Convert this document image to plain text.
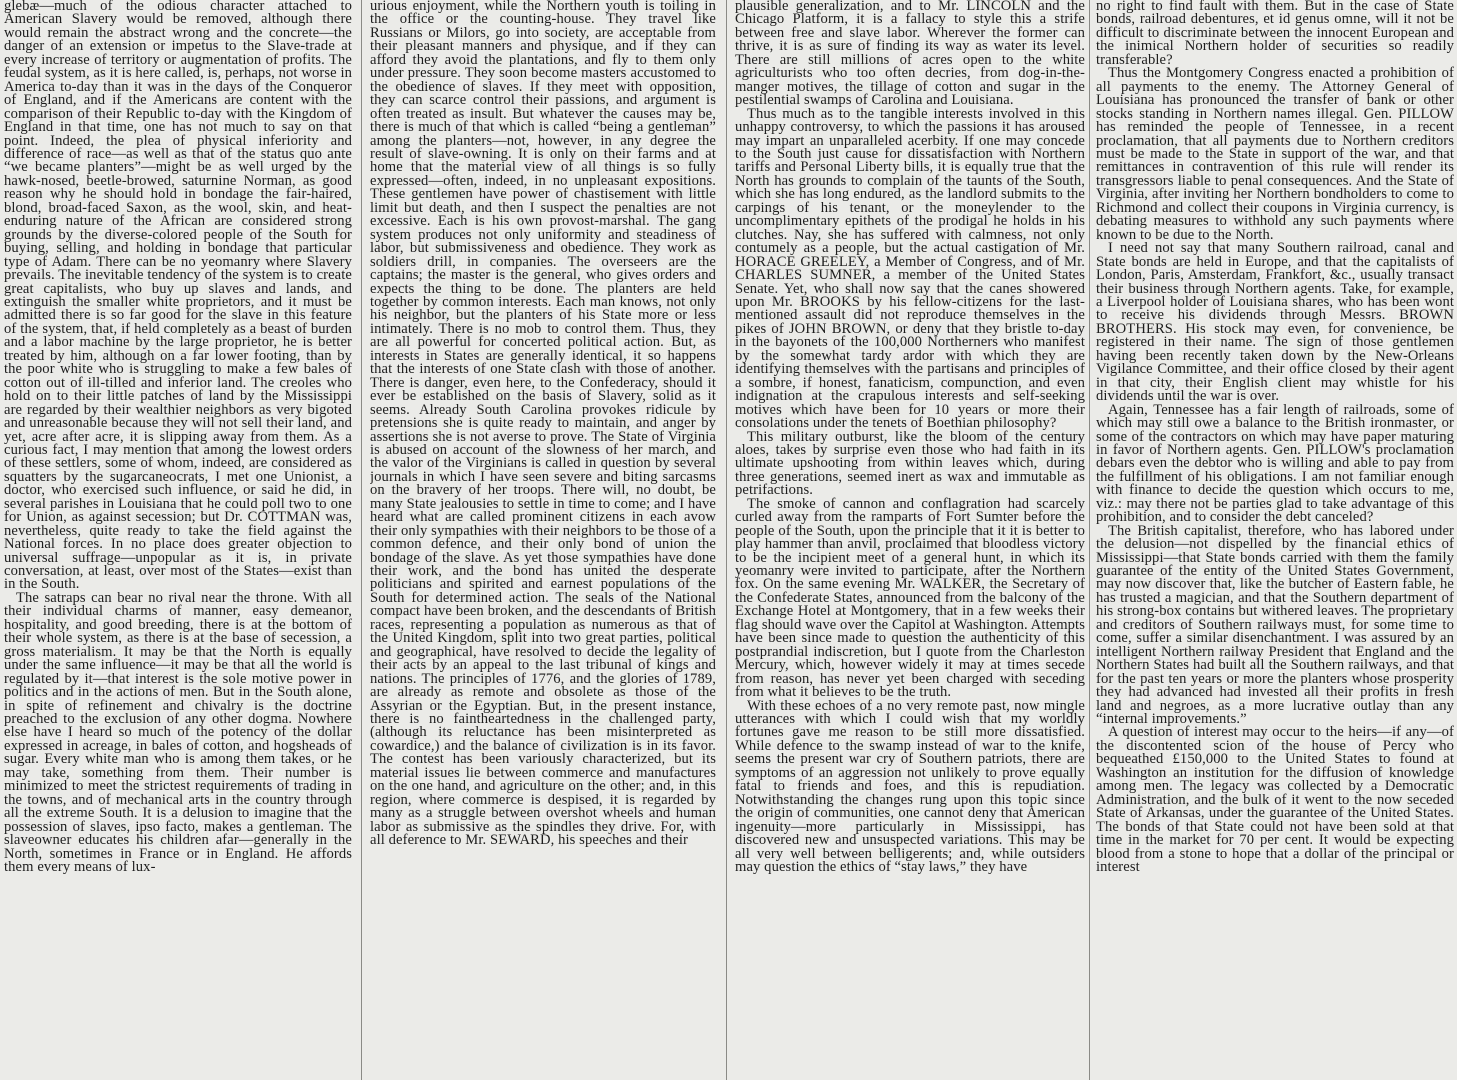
glebæ—much of the odious character attached to American Slavery would be removed, although there would remain the abstract wrong and the concrete—the danger of an extension or impetus to the Slave-trade at every increase of territory or augmentation of profits. The feudal system, as it is here called, is, perhaps, not worse in America to-day than it was in the days of the Conqueror of England, and if the Americans are content with the comparison of their Republic to-day with the Kingdom of England in that time, one has not much to say on that point. Indeed, the plea of physical inferiority and difference of race—as well as that of the status quo ante “we became planters”—might be as well urged by the hawk-nosed, beetle-browed, saturnine Norman, as good reason why he should hold in bondage the fair-haired, blond, broad-faced Saxon, as the wool, skin, and heat-enduring nature of the African are considered strong grounds by the diverse-colored people of the South for buying, selling, and holding in bondage that particular type of Adam. There can be no yeomanry where Slavery prevails. The inevitable tendency of the system is to create great capitalists, who buy up slaves and lands, and extinguish the smaller white proprietors, and it must be admitted there is so far good for the slave in this feature of the system, that, if held completely as a beast of burden and a labor machine by the large proprietor, he is better treated by him, although on a far lower footing, than by the poor white who is struggling to make a few bales of cotton out of ill-tilled and inferior land. The creoles who hold on to their little patches of land by the Mississippi are regarded by their wealthier neighbors as very bigoted and unreasonable because they will not sell their land, and yet, acre after acre, it is slipping away from them. As a curious fact, I may mention that among the lowest orders of these settlers, some of whom, indeed, are considered as squatters by the sugarcaneocrats, I met one Unionist, a doctor, who exercised such influence, or said he did, in several parishes in Louisiana that he could poll two to one for Union, as against secession; but Dr. COTTMAN was, nevertheless, quite ready to take the field against the National forces. In no place does greater objection to universal suffrage—unpopular as it is, in private conversation, at least, over most of the States—exist than in the South.

The satraps can bear no rival near the throne. With all their individual charms of manner, easy demeanor, hospitality, and good breeding, there is at the bottom of their whole system, as there is at the base of secession, a gross materialism. It may be that the North is equally under the same influence—it may be that all the world is regulated by it—that interest is the sole motive power in politics and in the actions of men. But in the South alone, in spite of refinement and chivalry is the doctrine preached to the exclusion of any other dogma. Nowhere else have I heard so much of the potency of the dollar expressed in acreage, in bales of cotton, and hogsheads of sugar. Every white man who is among them takes, or he may take, something from them. Their number is minimized to meet the strictest requirements of trading in the towns, and of mechanical arts in the country through all the extreme South. It is a delusion to imagine that the possession of slaves, ipso facto, makes a gentleman. The slaveowner educates his children afar—generally in the North, sometimes in France or in England. He affords them every means of lux-

urious enjoyment, while the Northern youth is toiling in the office or the counting-house. They travel like Russians or Milors, go into society, are acceptable from their pleasant manners and physique, and if they can afford they avoid the plantations, and fly to them only under pressure. They soon become masters accustomed to the obedience of slaves. If they meet with opposition, they can scarce control their passions, and argument is often treated as insult. But whatever the causes may be, there is much of that which is called “being a gentleman” among the planters—not, however, in any degree the result of slave-owning. It is only on their farms and at home that the material view of all things is so fully expressed—often, indeed, in no unpleasant expositions. These gentlemen have power of chastisement with little limit but death, and then I suspect the penalties are not excessive. Each is his own provost-marshal. The gang system produces not only uniformity and steadiness of labor, but submissiveness and obedience. They work as soldiers drill, in companies. The overseers are the captains; the master is the general, who gives orders and expects the thing to be done. The planters are held together by common interests. Each man knows, not only his neighbor, but the planters of his State more or less intimately. There is no mob to control them. Thus, they are all powerful for concerted political action. But, as interests in States are generally identical, it so happens that the interests of one State clash with those of another. There is danger, even here, to the Confederacy, should it ever be established on the basis of Slavery, solid as it seems. Already South Carolina provokes ridicule by pretensions she is quite ready to maintain, and anger by assertions she is not averse to prove. The State of Virginia is abused on account of the slowness of her march, and the valor of the Virginians is called in question by several journals in which I have seen severe and biting sarcasms on the bravery of her troops. There will, no doubt, be many State jealousies to settle in time to come; and I have heard what are called prominent citizens in each avow their only sympathies with their neighbors to be those of a common defence, and their only bond of union the bondage of the slave. As yet those sympathies have done their work, and the bond has united the desperate politicians and spirited and earnest populations of the South for determined action. The seals of the National compact have been broken, and the descendants of British races, representing a population as numerous as that of the United Kingdom, split into two great parties, political and geographical, have resolved to decide the legality of their acts by an appeal to the last tribunal of kings and nations. The principles of 1776, and the glories of 1789, are already as remote and obsolete as those of the Assyrian or the Egyptian. But, in the present instance, there is no faintheartedness in the challenged party, (although its reluctance has been misinterpreted as cowardice,) and the balance of civilization is in its favor. The contest has been variously characterized, but its material issues lie between commerce and manufactures on the one hand, and agriculture on the other; and, in this region, where commerce is despised, it is regarded by many as a struggle between overshot wheels and human labor as submissive as the spindles they drive. For, with all deference to Mr. SEWARD, his speeches and their

plausible generalization, and to Mr. LINCOLN and the Chicago Platform, it is a fallacy to style this a strife between free and slave labor. Wherever the former can thrive, it is as sure of finding its way as water its level. There are still millions of acres open to the white agriculturists who too often decries, from dog-in-the-manger motives, the tillage of cotton and sugar in the pestilential swamps of Carolina and Louisiana.

Thus much as to the tangible interests involved in this unhappy controversy, to which the passions it has aroused may impart an unparalleled acerbity. If one may concede to the South just cause for dissatisfaction with Northern tariffs and Personal Liberty bills, it is equally true that the North has grounds to complain of the taunts of the South, which she has long endured, as the landlord submits to the carpings of his tenant, or the moneylender to the uncomplimentary epithets of the prodigal he holds in his clutches. Nay, she has suffered with calmness, not only contumely as a people, but the actual castigation of Mr. HORACE GREELEY, a Member of Congress, and of Mr. CHARLES SUMNER, a member of the United States Senate. Yet, who shall now say that the canes showered upon Mr. BROOKS by his fellow-citizens for the last-mentioned assault did not reproduce themselves in the pikes of JOHN BROWN, or deny that they bristle to-day in the bayonets of the 100,000 Northerners who manifest by the somewhat tardy ardor with which they are identifying themselves with the partisans and principles of a sombre, if honest, fanaticism, compunction, and even indignation at the crapulous interests and self-seeking motives which have been for 10 years or more their consolations under the tenets of Boethian philosophy?

This military outburst, like the bloom of the century aloes, takes by surprise even those who had faith in its ultimate upshooting from within leaves which, during three generations, seemed inert as wax and immutable as petrifactions.

The smoke of cannon and conflagration had scarcely curled away from the ramparts of Fort Sumter before the people of the South, upon the principle that it it is better to play hammer than anvil, proclaimed that bloodless victory to be the incipient meet of a general hunt, in which its yeomanry were invited to participate, after the Northern fox. On the same evening Mr. WALKER, the Secretary of the Confederate States, announced from the balcony of the Exchange Hotel at Montgomery, that in a few weeks their flag should wave over the Capitol at Washington. Attempts have been since made to question the authenticity of this postprandial indiscretion, but I quote from the Charleston Mercury, which, however widely it may at times secede from reason, has never yet been charged with seceding from what it believes to be the truth.

With these echoes of a no very remote past, now mingle utterances with which I could wish that my worldly fortunes gave me reason to be still more dissatisfied. While defence to the swamp instead of war to the knife, seems the present war cry of Southern patriots, there are symptoms of an aggression not unlikely to prove equally fatal to friends and foes, and this is repudiation. Notwithstanding the changes rung upon this topic since the origin of communities, one cannot deny that American ingenuity—more particularly in Mississippi, has discovered new and unsuspected variations. This may be all very well between belligerents; and, while outsiders may question the ethics of “stay laws,” they have

no right to find fault with them. But in the case of State bonds, railroad debentures, et id genus omne, will it not be difficult to discriminate between the innocent European and the inimical Northern holder of securities so readily transferable?

Thus the Montgomery Congress enacted a prohibition of all payments to the enemy. The Attorney General of Louisiana has pronounced the transfer of bank or other stocks standing in Northern names illegal. Gen. PILLOW has reminded the people of Tennessee, in a recent proclamation, that all payments due to Northern creditors must be made to the State in support of the war, and that remittances in contravention of this rule will render its transgressors liable to penal consequences. And the State of Virginia, after inviting her Northern bondholders to come to Richmond and collect their coupons in Virginia currency, is debating measures to withhold any such payments where known to be due to the North.

I need not say that many Southern railroad, canal and State bonds are held in Europe, and that the capitalists of London, Paris, Amsterdam, Frankfort, &c., usually transact their business through Northern agents. Take, for example, a Liverpool holder of Louisiana shares, who has been wont to receive his dividends through Messrs. BROWN BROTHERS. His stock may even, for convenience, be registered in their name. The sign of those gentlemen having been recently taken down by the New-Orleans Vigilance Committee, and their office closed by their agent in that city, their English client may whistle for his dividends until the war is over.

Again, Tennessee has a fair length of railroads, some of which may still owe a balance to the British ironmaster, or some of the contractors on which may have paper maturing in favor of Northern agents. Gen. PILLOW's proclamation debars even the debtor who is willing and able to pay from the fulfillment of his obligations. I am not familiar enough with finance to decide the question which occurs to me, viz.: may there not be parties glad to take advantage of this prohibition, and to consider the debt canceled?

The British capitalist, therefore, who has labored under the delusion—not dispelled by the financial ethics of Mississippi—that State bonds carried with them the family guarantee of the entity of the United States Government, may now discover that, like the butcher of Eastern fable, he has trusted a magician, and that the Southern department of his strong-box contains but withered leaves. The proprietary and creditors of Southern railways must, for some time to come, suffer a similar disenchantment. I was assured by an intelligent Northern railway President that England and the Northern States had built all the Southern railways, and that for the past ten years or more the planters whose prosperity they had advanced had invested all their profits in fresh land and negroes, as a more lucrative outlay than any “internal improvements.”

A question of interest may occur to the heirs—if any—of the discontented scion of the house of Percy who bequeathed £150,000 to the United States to found at Washington an institution for the diffusion of knowledge among men. The legacy was collected by a Democratic Administration, and the bulk of it went to the now seceded State of Arkansas, under the guarantee of the United States. The bonds of that State could not have been sold at that time in the market for 70 per cent. It would be expecting blood from a stone to hope that a dollar of the principal or interest
